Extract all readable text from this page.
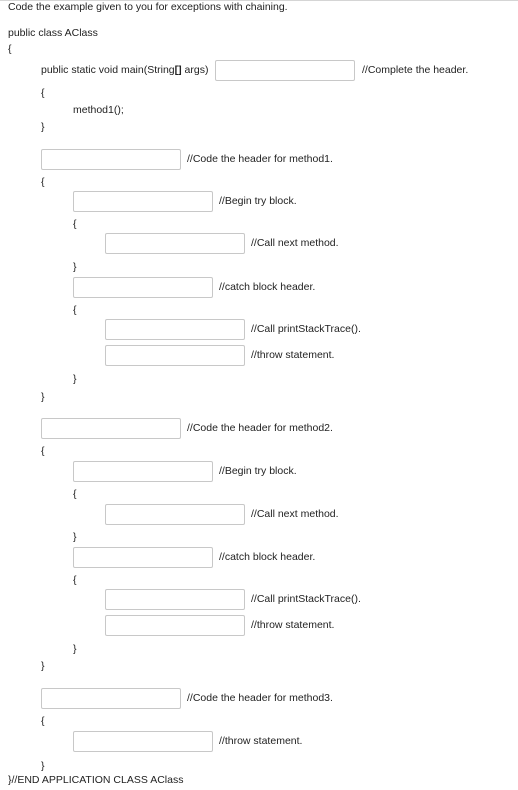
Code the example given to you for exceptions with chaining.
public class AClass
{
public static void main(String[] args)	//Complete the header.
{
method1();
}
//Code the header for method1.
{
//Begin try block.
{
//Call next method.
}
//catch block header.
{
//Call printStackTrace().
//throw statement.
}
}
//Code the header for method2.
{
//Begin try block.
{
//Call next method.
}
//catch block header.
{
//Call printStackTrace().
//throw statement.
}
}
//Code the header for method3.
{
//throw statement.
}
}//END APPLICATION CLASS AClass
